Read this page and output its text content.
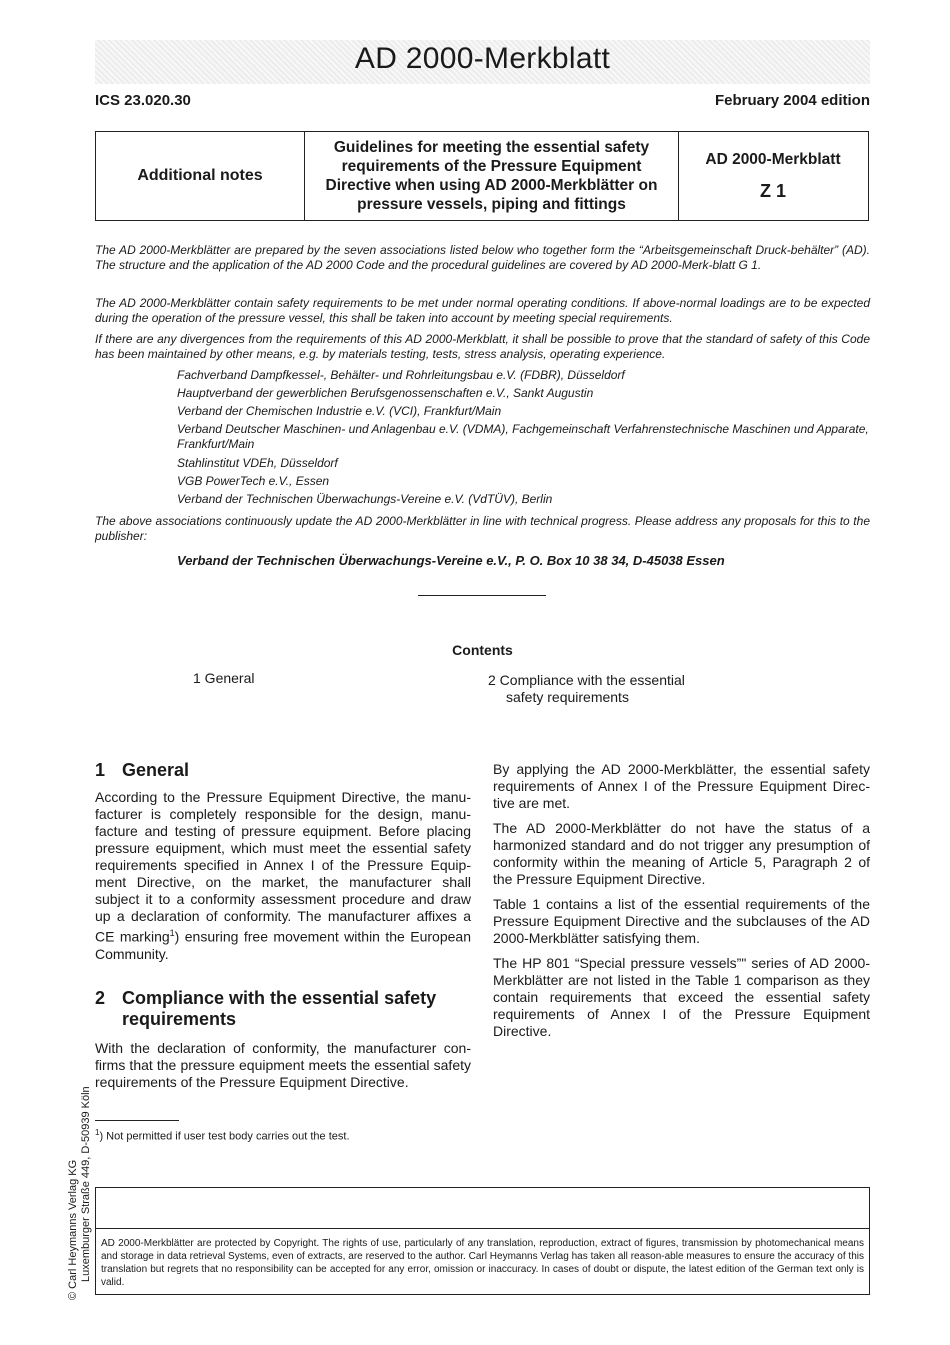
AD 2000-Merkblatt
ICS 23.020.30	February 2004 edition
Additional notes
Guidelines for meeting the essential safety requirements of the Pressure Equipment Directive when using AD 2000-Merkblätter on pressure vessels, piping and fittings
AD 2000-Merkblatt
Z 1

The AD 2000-Merkblätter are prepared by the seven associations listed below who together form the “Arbeitsgemeinschaft Druck-behälter” (AD). The structure and the application of the AD 2000 Code and the procedural guidelines are covered by AD 2000-Merk-blatt G 1.

The AD 2000-Merkblätter contain safety requirements to be met under normal operating conditions. If above-normal loadings are to be expected during the operation of the pressure vessel, this shall be taken into account by meeting special requirements.

If there are any divergences from the requirements of this AD 2000-Merkblatt, it shall be possible to prove that the standard of safety of this Code has been maintained by other means, e.g. by materials testing, tests, stress analysis, operating experience.

Fachverband Dampfkessel-, Behälter- und Rohrleitungsbau e.V. (FDBR), Düsseldorf

Hauptverband der gewerblichen Berufsgenossenschaften e.V., Sankt Augustin

Verband der Chemischen Industrie e.V. (VCI), Frankfurt/Main

Verband Deutscher Maschinen- und Anlagenbau e.V. (VDMA), Fachgemeinschaft Verfahrenstechnische Maschinen und Apparate, Frankfurt/Main

Stahlinstitut VDEh, Düsseldorf

VGB PowerTech e.V., Essen

Verband der Technischen Überwachungs-Vereine e.V. (VdTÜV), Berlin

The above associations continuously update the AD 2000-Merkblätter in line with technical progress. Please address any proposals for this to the publisher:

Verband der Technischen Überwachungs-Vereine e.V., P. O. Box 10 38 34, D-45038 Essen
Contents
1 General	2 Compliance with the essential
safety requirements
1 General

According to the Pressure Equipment Directive, the manu-facturer is completely responsible for the design, manu-facture and testing of pressure equipment. Before placing pressure equipment, which must meet the essential safety requirements specified in Annex I of the Pressure Equip-ment Directive, on the market, the manufacturer shall subject it to a conformity assessment procedure and draw up a declaration of conformity. The manufacturer affixes a CE marking$^1$) ensuring free movement within the European Community.

2 Compliance with the essential safety
requirements

With the declaration of conformity, the manufacturer con-firms that the pressure equipment meets the essential safety requirements of the Pressure Equipment Directive.

By applying the AD 2000-Merkblätter, the essential safety requirements of Annex I of the Pressure Equipment Direc-tive are met.

The AD 2000-Merkblätter do not have the status of a harmonized standard and do not trigger any presumption of conformity within the meaning of Article 5, Paragraph 2 of the Pressure Equipment Directive.

Table 1 contains a list of the essential requirements of the Pressure Equipment Directive and the subclauses of the AD 2000-Merkblätter satisfying them.

The HP 801 “Special pressure vessels”" series of AD 2000-Merkblätter are not listed in the Table 1 comparison as they contain requirements that exceed the essential safety requirements of Annex I of the Pressure Equipment Directive.

$^1$) Not permitted if user test body carries out the test.

AD 2000-Merkblätter are protected by Copyright. The rights of use, particularly of any translation, reproduction, extract of figures, transmission by photomechanical means and storage in data retrieval Systems, even of extracts, are reserved to the author. Carl Heymanns Verlag has taken all reason-able measures to ensure the accuracy of this translation but regrets that no responsibility can be accepted for any error, omission or inaccuracy. In cases of doubt or dispute, the latest edition of the German text only is valid.

© Carl Heymanns Verlag KG Luxemburger Straße 449, D-50939 Köln
